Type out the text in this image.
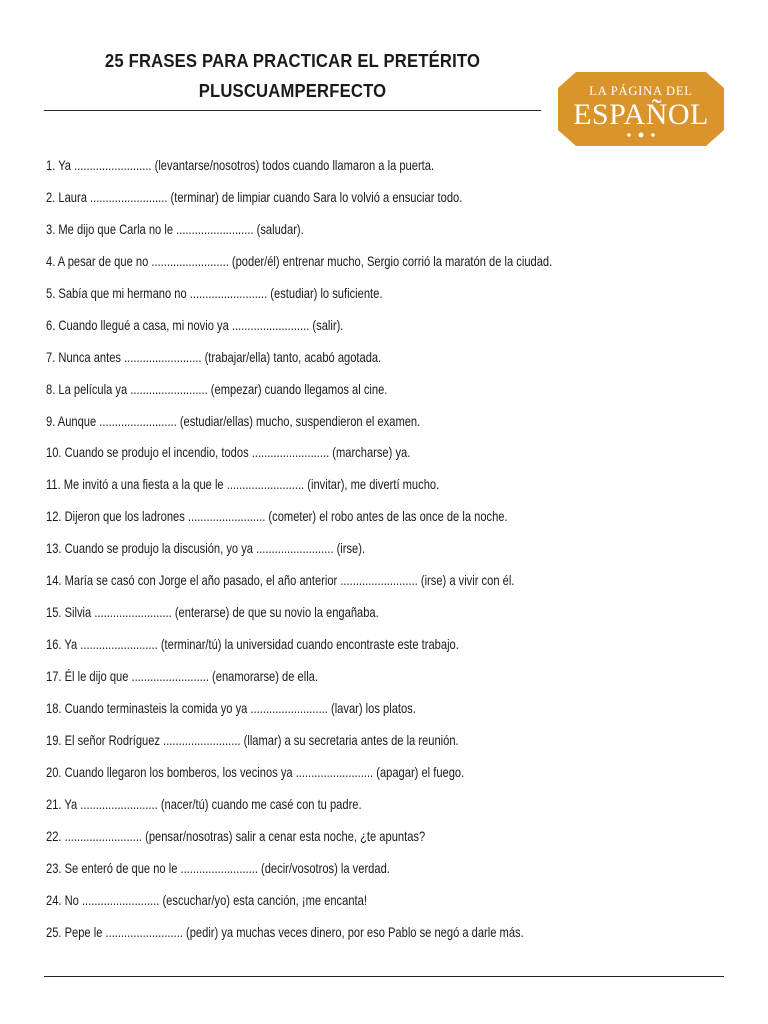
25 FRASES PARA PRACTICAR EL PRETÉRITO
PLUSCUAMPERFECTO	LA PÁGINA DEL
ESPAÑOL
1. Ya ......................... (levantarse/nosotros) todos cuando llamaron a la puerta.
2. Laura ......................... (terminar) de limpiar cuando Sara lo volvió a ensuciar todo.
3. Me dijo que Carla no le ......................... (saludar).
4. A pesar de que no ......................... (poder/él) entrenar mucho, Sergio corrió la maratón de la ciudad.
5. Sabía que mi hermano no ......................... (estudiar) lo suficiente.
6. Cuando llegué a casa, mi novio ya ......................... (salir).
7. Nunca antes ......................... (trabajar/ella) tanto, acabó agotada.
8. La película ya ......................... (empezar) cuando llegamos al cine.
9. Aunque ......................... (estudiar/ellas) mucho, suspendieron el examen.
10. Cuando se produjo el incendio, todos ......................... (marcharse) ya.
11. Me invitó a una fiesta a la que le ......................... (invitar), me divertí mucho.
12. Dijeron que los ladrones ......................... (cometer) el robo antes de las once de la noche.
13. Cuando se produjo la discusión, yo ya ......................... (irse).
14. María se casó con Jorge el año pasado, el año anterior ......................... (irse) a vivir con él.
15. Silvia ......................... (enterarse) de que su novio la engañaba.
16. Ya ......................... (terminar/tú) la universidad cuando encontraste este trabajo.
17. Él le dijo que ......................... (enamorarse) de ella.
18. Cuando terminasteis la comida yo ya ......................... (lavar) los platos.
19. El señor Rodríguez ......................... (llamar) a su secretaria antes de la reunión.
20. Cuando llegaron los bomberos, los vecinos ya ......................... (apagar) el fuego.
21. Ya ......................... (nacer/tú) cuando me casé con tu padre.
22. ......................... (pensar/nosotras) salir a cenar esta noche, ¿te apuntas?
23. Se enteró de que no le ......................... (decir/vosotros) la verdad.
24. No ......................... (escuchar/yo) esta canción, ¡me encanta!
25. Pepe le ......................... (pedir) ya muchas veces dinero, por eso Pablo se negó a darle más.
